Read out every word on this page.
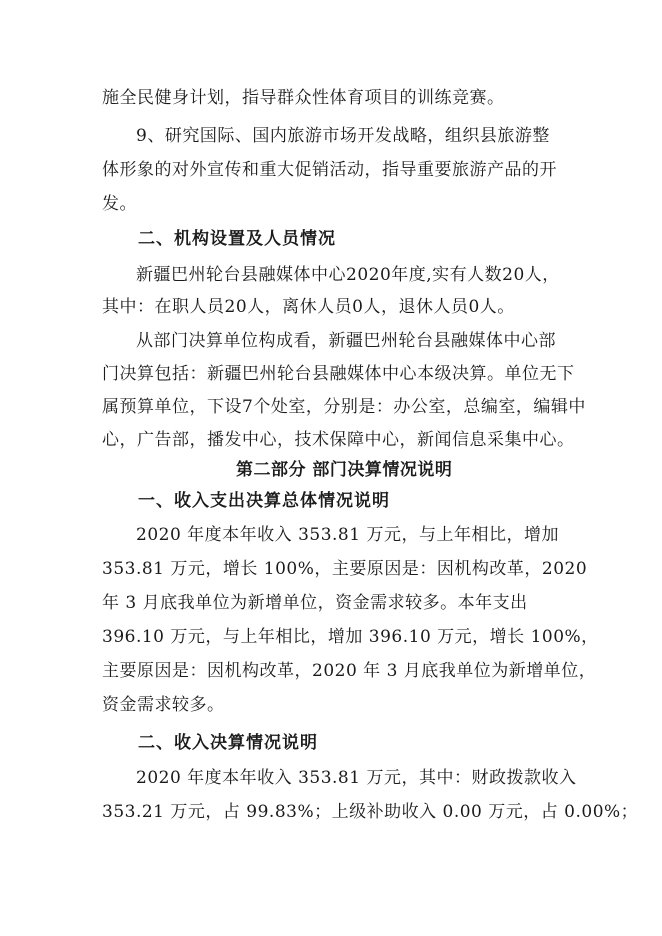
施全民健身计划，指导群众性体育项目的训练竞赛。
9、研究国际、国内旅游市场开发战略，组织县旅游整
体形象的对外宣传和重大促销活动，指导重要旅游产品的开
发。
二、机构设置及人员情况
新疆巴州轮台县融媒体中心2020年度,实有人数20人，
其中：在职人员20人，离休人员0人，退休人员0人。
从部门决算单位构成看，新疆巴州轮台县融媒体中心部
门决算包括：新疆巴州轮台县融媒体中心本级决算。单位无下
属预算单位，下设7个处室，分别是：办公室，总编室，编辑中
心，广告部，播发中心，技术保障中心，新闻信息采集中心。
第二部分 部门决算情况说明
一、收入支出决算总体情况说明
2020 年度本年收入 353.81 万元，与上年相比，增加
353.81 万元，增长 100%，主要原因是：因机构改革，2020
年 3 月底我单位为新增单位，资金需求较多。本年支出
396.10 万元，与上年相比，增加 396.10 万元，增长 100%，
主要原因是：因机构改革，2020 年 3 月底我单位为新增单位，
资金需求较多。
二、收入决算情况说明
2020 年度本年收入 353.81 万元，其中：财政拨款收入
353.21 万元，占 99.83%；上级补助收入 0.00 万元，占 0.00%；
